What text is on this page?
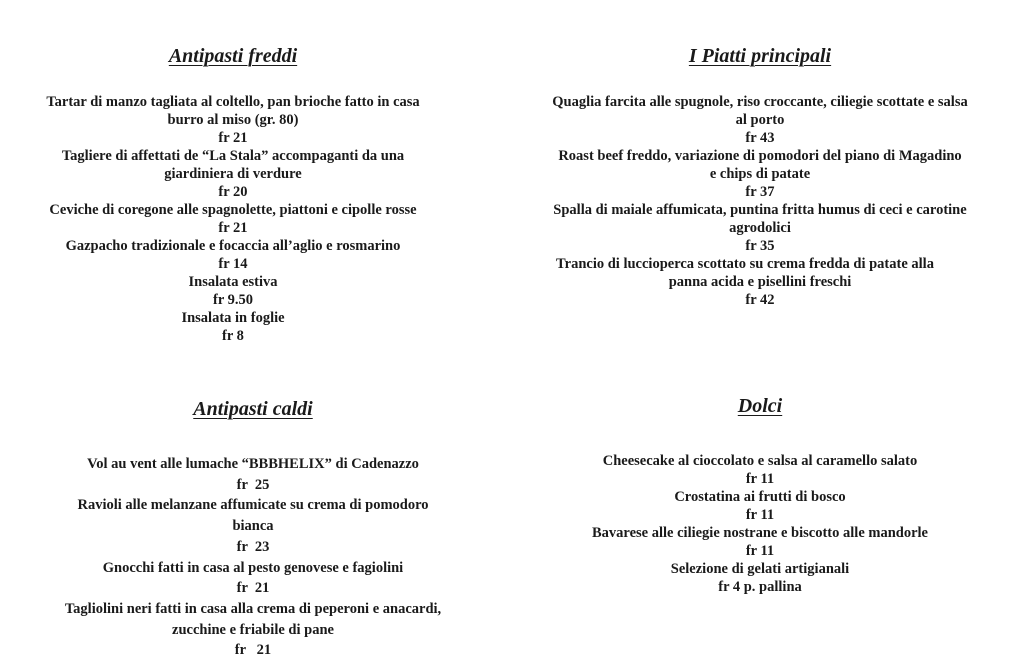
Antipasti freddi
Tartar di manzo tagliata al coltello, pan brioche fatto in casa
burro al miso (gr. 80)
fr 21
Tagliere di affettati de “La Stala” accompaganti da una
giardiniera di verdure
fr 20
Ceviche di coregone alle spagnolette, piattoni e cipolle rosse
fr 21
Gazpacho tradizionale e focaccia all’aglio e rosmarino
fr 14
Insalata estiva
fr 9.50
Insalata in foglie
fr 8
I Piatti principali
Quaglia farcita alle spugnole, riso croccante, ciliegie scottate e salsa
al porto
fr 43
Roast beef freddo, variazione di pomodori del piano di Magadino
e chips di patate
fr 37
Spalla di maiale affumicata, puntina fritta humus di ceci e carotine
agrodolici
fr 35
Trancio di luccioperca scottato su crema fredda di patate alla
panna acida e pisellini freschi
fr 42
Antipasti caldi
Vol au vent alle lumache “BBBHELIX” di Cadenazzo
fr  25
Ravioli alle melanzane affumicate su crema di pomodoro
bianca
fr  23
Gnocchi fatti in casa al pesto genovese e fagiolini
fr  21
Tagliolini neri fatti in casa alla crema di peperoni e anacardi,
zucchine e friabile di pane
fr   21
Dolci
Cheesecake al cioccolato e salsa al caramello salato
fr 11
Crostatina ai frutti di bosco
fr 11
Bavarese alle ciliegie nostrane e biscotto alle mandorle
fr 11
Selezione di gelati artigianali
fr 4 p. pallina
